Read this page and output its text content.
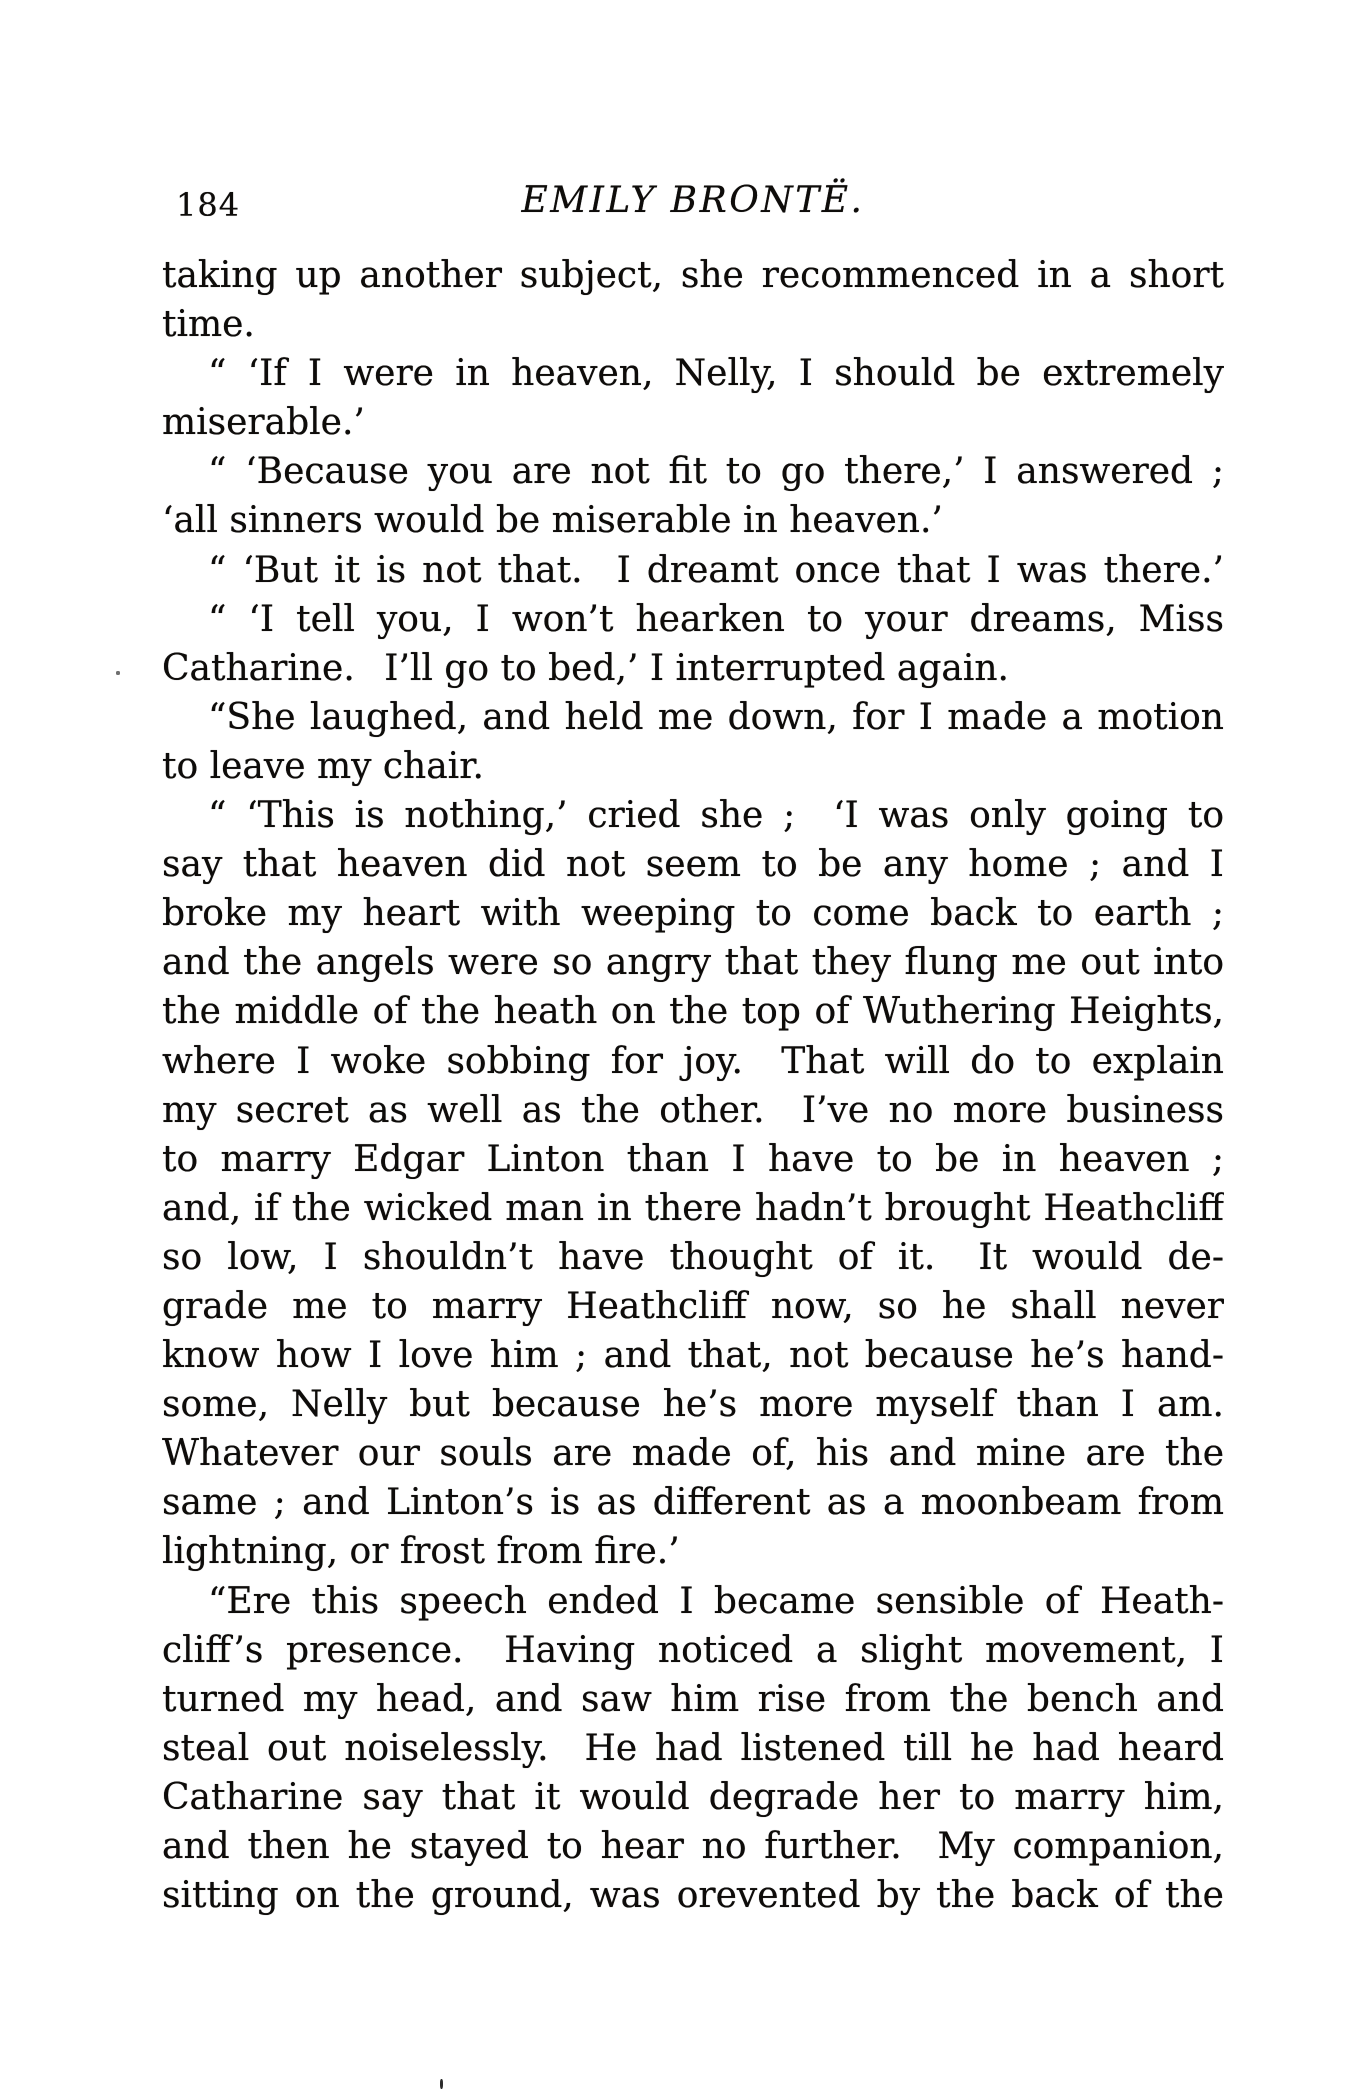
184	EMILY BRONTË.
taking up another subject, she recommenced in a short
time.
“ ‘If I were in heaven, Nelly, I should be extremely
miserable.’
“ ‘Because you are not fit to go there,’ I answered ;
‘all sinners would be miserable in heaven.’
“ ‘But it is not that.  I dreamt once that I was there.’
“ ‘I tell you, I won’t hearken to your dreams, Miss
Catharine.  I’ll go to bed,’ I interrupted again.
“She laughed, and held me down, for I made a motion
to leave my chair.
“ ‘This is nothing,’ cried she ;  ‘I was only going to
say that heaven did not seem to be any home ; and I
broke my heart with weeping to come back to earth ;
and the angels were so angry that they flung me out into
the middle of the heath on the top of Wuthering Heights,
where I woke sobbing for joy.  That will do to explain
my secret as well as the other.  I’ve no more business
to marry Edgar Linton than I have to be in heaven ;
and, if the wicked man in there hadn’t brought Heathcliff
so low, I shouldn’t have thought of it.  It would de-
grade me to marry Heathcliff now, so he shall never
know how I love him ; and that, not because he’s hand-
some, Nelly but because he’s more myself than I am.
Whatever our souls are made of, his and mine are the
same ; and Linton’s is as different as a moonbeam from
lightning, or frost from fire.’
“Ere this speech ended I became sensible of Heath-
cliff’s presence.  Having noticed a slight movement, I
turned my head, and saw him rise from the bench and
steal out noiselessly.  He had listened till he had heard
Catharine say that it would degrade her to marry him,
and then he stayed to hear no further.  My companion,
sitting on the ground, was orevented by the back of the
